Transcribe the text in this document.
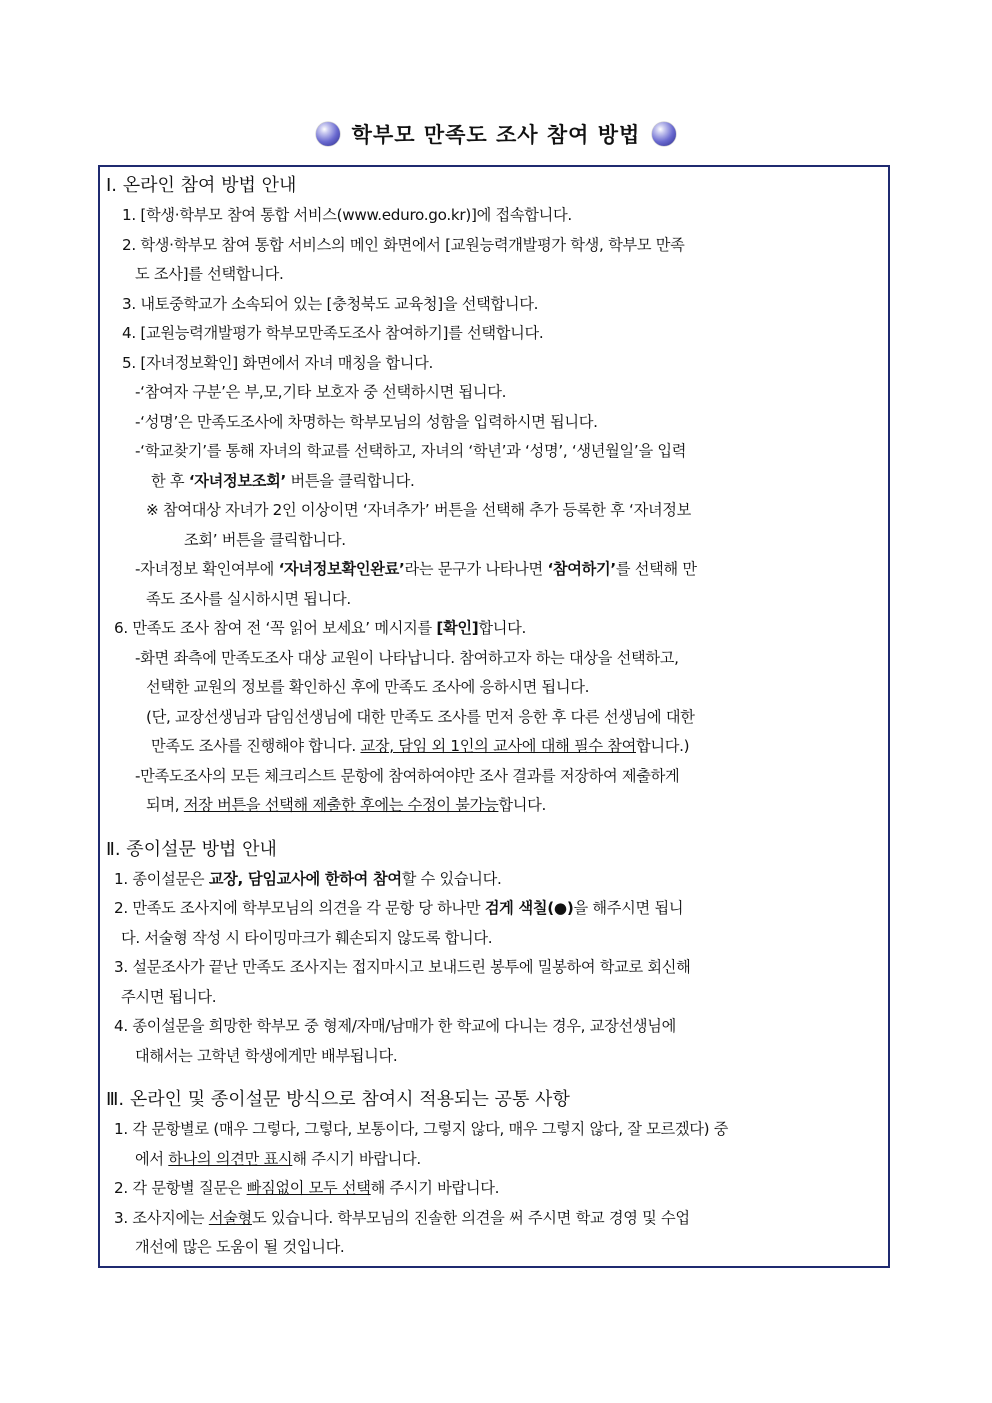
학부모 만족도 조사 참여 방법
Ⅰ. 온라인 참여 방법 안내
1. [학생·학부모 참여 통합 서비스(www.eduro.go.kr)]에 접속합니다.
2. 학생·학부모 참여 통합 서비스의 메인 화면에서 [교원능력개발평가 학생, 학부모 만족
도 조사]를 선택합니다.
3. 내토중학교가 소속되어 있는 [충청북도 교육청]을 선택합니다.
4. [교원능력개발평가 학부모만족도조사 참여하기]를 선택합니다.
5. [자녀정보확인] 화면에서 자녀 매칭을 합니다.
-‘참여자 구분’은 부,모,기타 보호자 중 선택하시면 됩니다.
-‘성명’은 만족도조사에 차명하는 학부모님의 성함을 입력하시면 됩니다.
-‘학교찾기’를 통해 자녀의 학교를 선택하고, 자녀의 ‘학년’과 ‘성명’, ‘생년월일’을 입력
한 후 ‘자녀정보조회’ 버튼을 클릭합니다.
※ 참여대상 자녀가 2인 이상이면 ‘자녀추가’ 버튼을 선택해 추가 등록한 후 ‘자녀정보
조회’ 버튼을 클릭합니다.
-자녀정보 확인여부에 ‘자녀정보확인완료’라는 문구가 나타나면 ‘참여하기’를 선택해 만
족도 조사를 실시하시면 됩니다.
6. 만족도 조사 참여 전 ‘꼭 읽어 보세요’ 메시지를 [확인]합니다.
-화면 좌측에 만족도조사 대상 교원이 나타납니다. 참여하고자 하는 대상을 선택하고,
선택한 교원의 정보를 확인하신 후에 만족도 조사에 응하시면 됩니다.
(단, 교장선생님과 담임선생님에 대한 만족도 조사를 먼저 응한 후 다른 선생님에 대한
만족도 조사를 진행해야 합니다. 교장, 담임 외 1인의 교사에 대해 필수 참여합니다.)
-만족도조사의 모든 체크리스트 문항에 참여하여야만 조사 결과를 저장하여 제출하게
되며, 저장 버튼을 선택해 제출한 후에는 수정이 불가능합니다.
Ⅱ. 종이설문 방법 안내
1. 종이설문은 교장, 담임교사에 한하여 참여할 수 있습니다.
2. 만족도 조사지에 학부모님의 의견을 각 문항 당 하나만 검게 색칠(●)을 해주시면 됩니
다. 서술형 작성 시 타이밍마크가 훼손되지 않도록 합니다.
3. 설문조사가 끝난 만족도 조사지는 접지마시고 보내드린 봉투에 밀봉하여 학교로 회신해
주시면 됩니다.
4. 종이설문을 희망한 학부모 중 형제/자매/남매가 한 학교에 다니는 경우, 교장선생님에
대해서는 고학년 학생에게만 배부됩니다.
Ⅲ. 온라인 및 종이설문 방식으로 참여시 적용되는 공통 사항
1. 각 문항별로 (매우 그렇다, 그렇다, 보통이다, 그렇지 않다, 매우 그렇지 않다, 잘 모르겠다) 중
에서 하나의 의견만 표시해 주시기 바랍니다.
2. 각 문항별 질문은 빠짐없이 모두 선택해 주시기 바랍니다.
3. 조사지에는 서술형도 있습니다. 학부모님의 진솔한 의견을 써 주시면 학교 경영 및 수업
개선에 많은 도움이 될 것입니다.
